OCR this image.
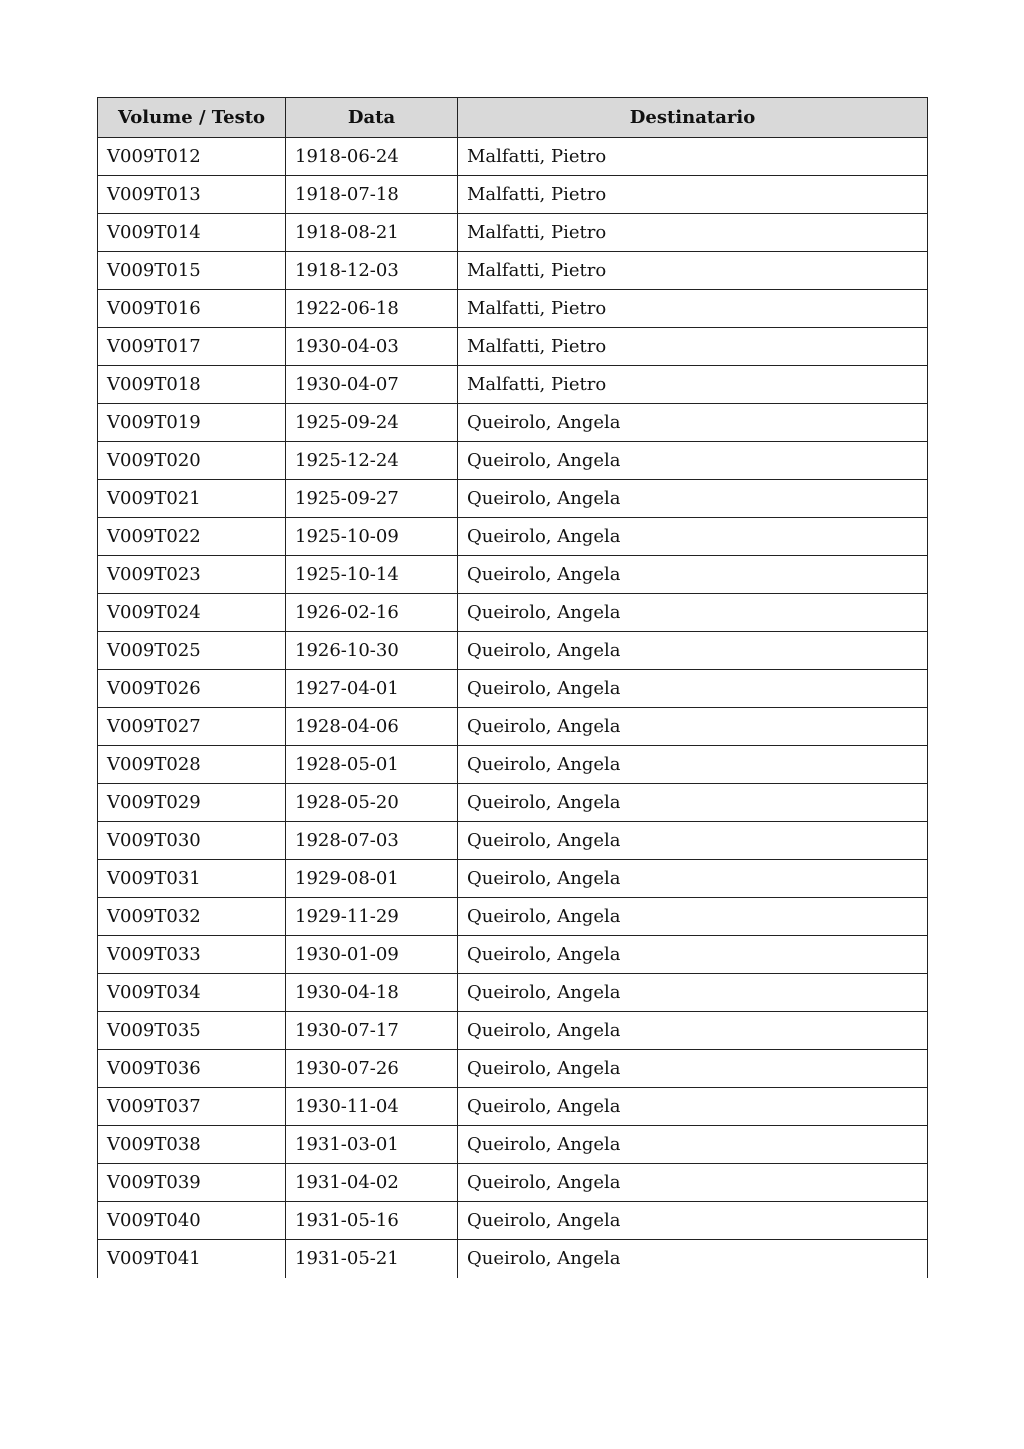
Volume / Testo	Data	Destinatario
V009T012	1918-06-24	Malfatti, Pietro
V009T013	1918-07-18	Malfatti, Pietro
V009T014	1918-08-21	Malfatti, Pietro
V009T015	1918-12-03	Malfatti, Pietro
V009T016	1922-06-18	Malfatti, Pietro
V009T017	1930-04-03	Malfatti, Pietro
V009T018	1930-04-07	Malfatti, Pietro
V009T019	1925-09-24	Queirolo, Angela
V009T020	1925-12-24	Queirolo, Angela
V009T021	1925-09-27	Queirolo, Angela
V009T022	1925-10-09	Queirolo, Angela
V009T023	1925-10-14	Queirolo, Angela
V009T024	1926-02-16	Queirolo, Angela
V009T025	1926-10-30	Queirolo, Angela
V009T026	1927-04-01	Queirolo, Angela
V009T027	1928-04-06	Queirolo, Angela
V009T028	1928-05-01	Queirolo, Angela
V009T029	1928-05-20	Queirolo, Angela
V009T030	1928-07-03	Queirolo, Angela
V009T031	1929-08-01	Queirolo, Angela
V009T032	1929-11-29	Queirolo, Angela
V009T033	1930-01-09	Queirolo, Angela
V009T034	1930-04-18	Queirolo, Angela
V009T035	1930-07-17	Queirolo, Angela
V009T036	1930-07-26	Queirolo, Angela
V009T037	1930-11-04	Queirolo, Angela
V009T038	1931-03-01	Queirolo, Angela
V009T039	1931-04-02	Queirolo, Angela
V009T040	1931-05-16	Queirolo, Angela
V009T041	1931-05-21	Queirolo, Angela
